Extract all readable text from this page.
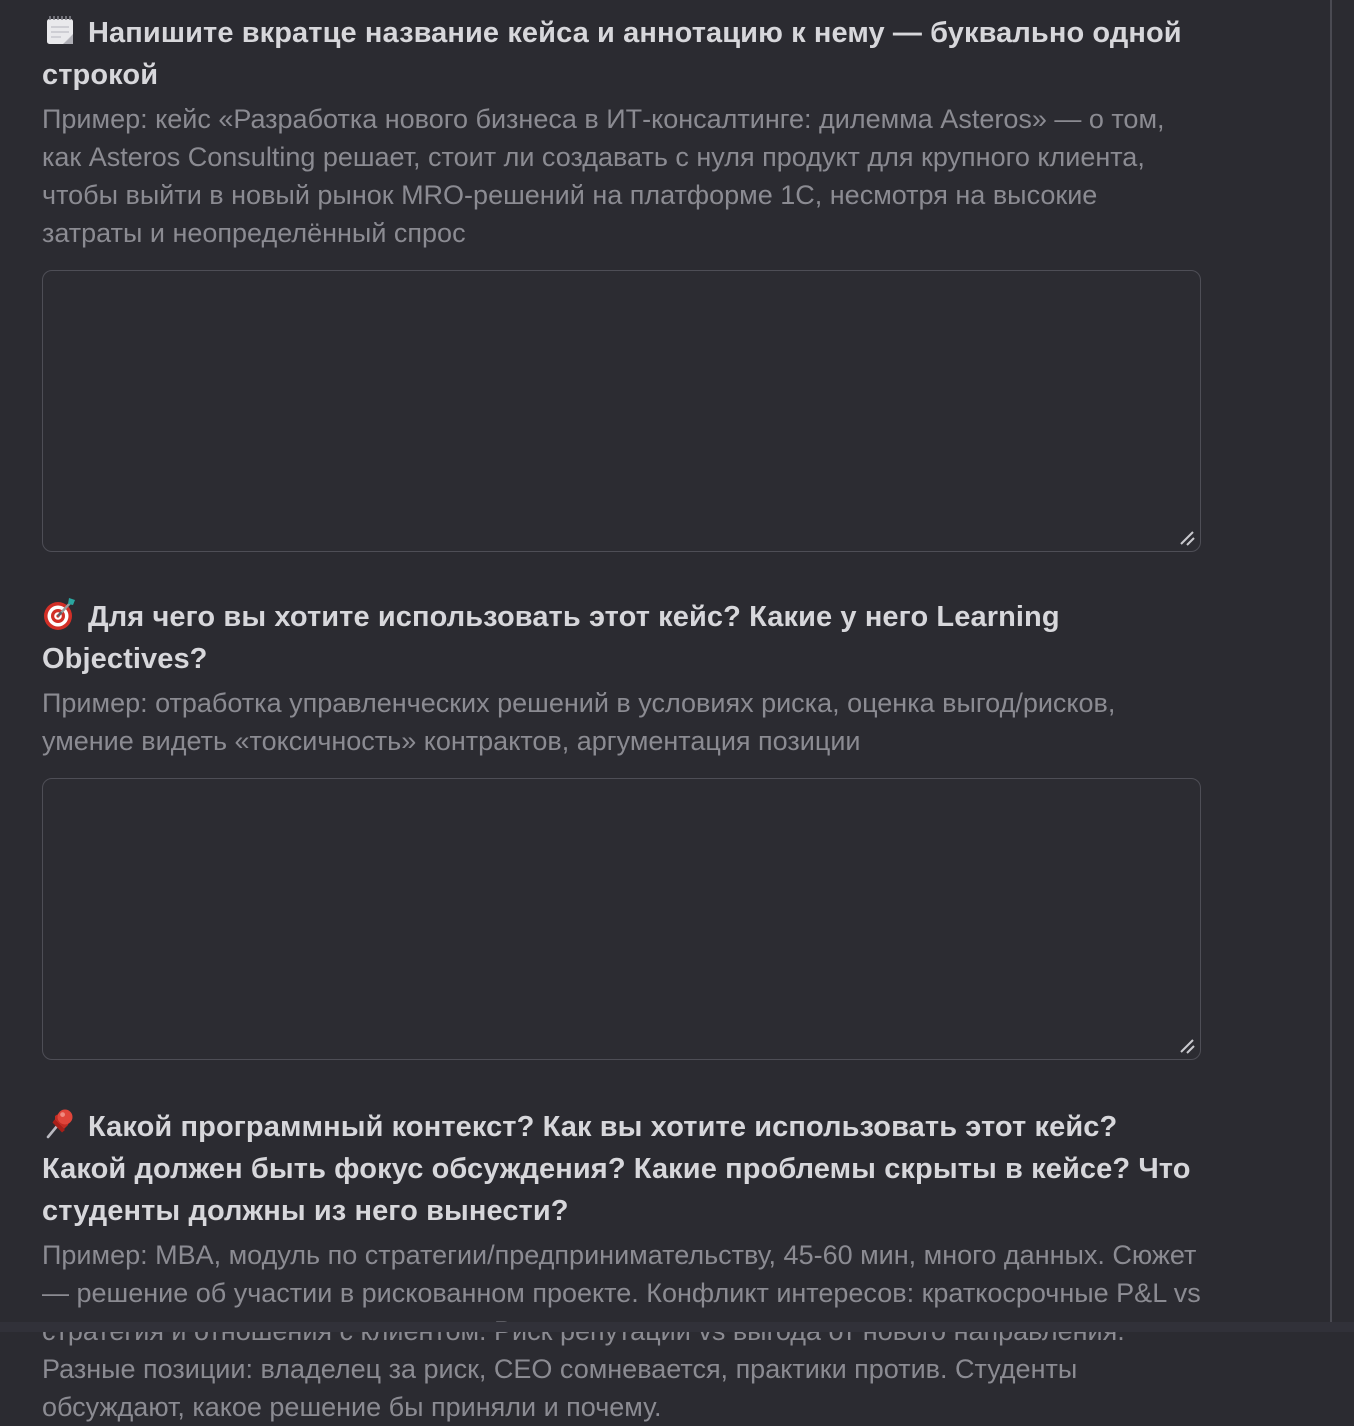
Напишите вкратце название кейса и аннотацию к нему — буквально одной строкой

Пример: кейс «Разработка нового бизнеса в ИТ-консалтинге: дилемма Asteros» — о том, как Asteros Consulting решает, стоит ли создавать с нуля продукт для крупного клиента, чтобы выйти в новый рынок MRO-решений на платформе 1С, несмотря на высокие затраты и неопределённый спрос

Для чего вы хотите использовать этот кейс? Какие у него Learning Objectives?

Пример: отработка управленческих решений в условиях риска, оценка выгод/рисков, умение видеть «токсичность» контрактов, аргументация позиции

Какой программный контекст? Как вы хотите использовать этот кейс? Какой должен быть фокус обсуждения? Какие проблемы скрыты в кейсе? Что студенты должны из него вынести?

Пример: MBA, модуль по стратегии/предпринимательству, 45-60 мин, много данных. Сюжет — решение об участии в рискованном проекте. Конфликт интересов: краткосрочные P&L vs Разные позиции: владелец за риск, CEO сомневается, практики против. Студенты обсуждают, какое решение бы приняли и почему.
